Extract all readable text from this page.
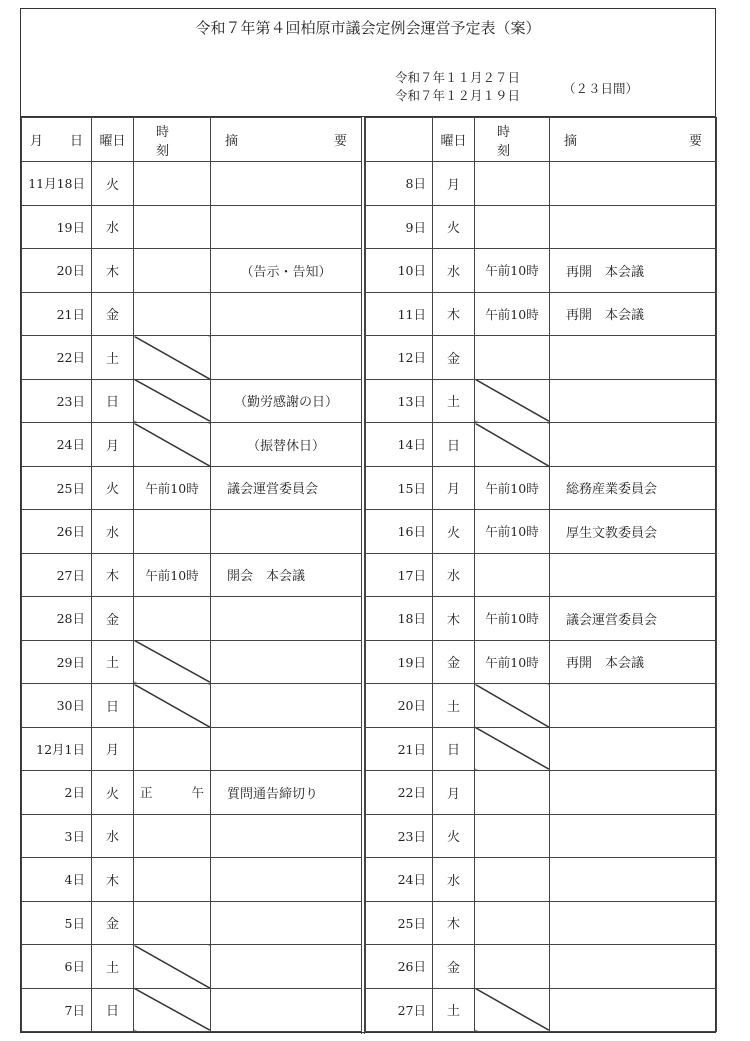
令和７年第４回柏原市議会定例会運営予定表（案）
令和７年１１月２７日
令和７年１２月１９日	（２３日間）
月　日	曜日	時　刻	摘　　　要
11月18日	火		
19日	水		
20日	木		（告示・告知）
21日	金		
22日	土		
23日	日		（勤労感謝の日）
24日	月		（振替休日）
25日	火	午前10時	議会運営委員会
26日	水		
27日	木	午前10時	開会　本会議
28日	金		
29日	土		
30日	日		
12月1日	月		
2日	火	正　午	質問通告締切り
3日	水		
4日	木		
5日	金		
6日	土		
7日	日		
	曜日	時　刻	摘　　　要
8日	月		
9日	火		
10日	水	午前10時	再開　本会議
11日	木	午前10時	再開　本会議
12日	金		
13日	土		
14日	日		
15日	月	午前10時	総務産業委員会
16日	火	午前10時	厚生文教委員会
17日	水		
18日	木	午前10時	議会運営委員会
19日	金	午前10時	再開　本会議
20日	土		
21日	日		
22日	月		
23日	火		
24日	水		
25日	木		
26日	金		
27日	土		
